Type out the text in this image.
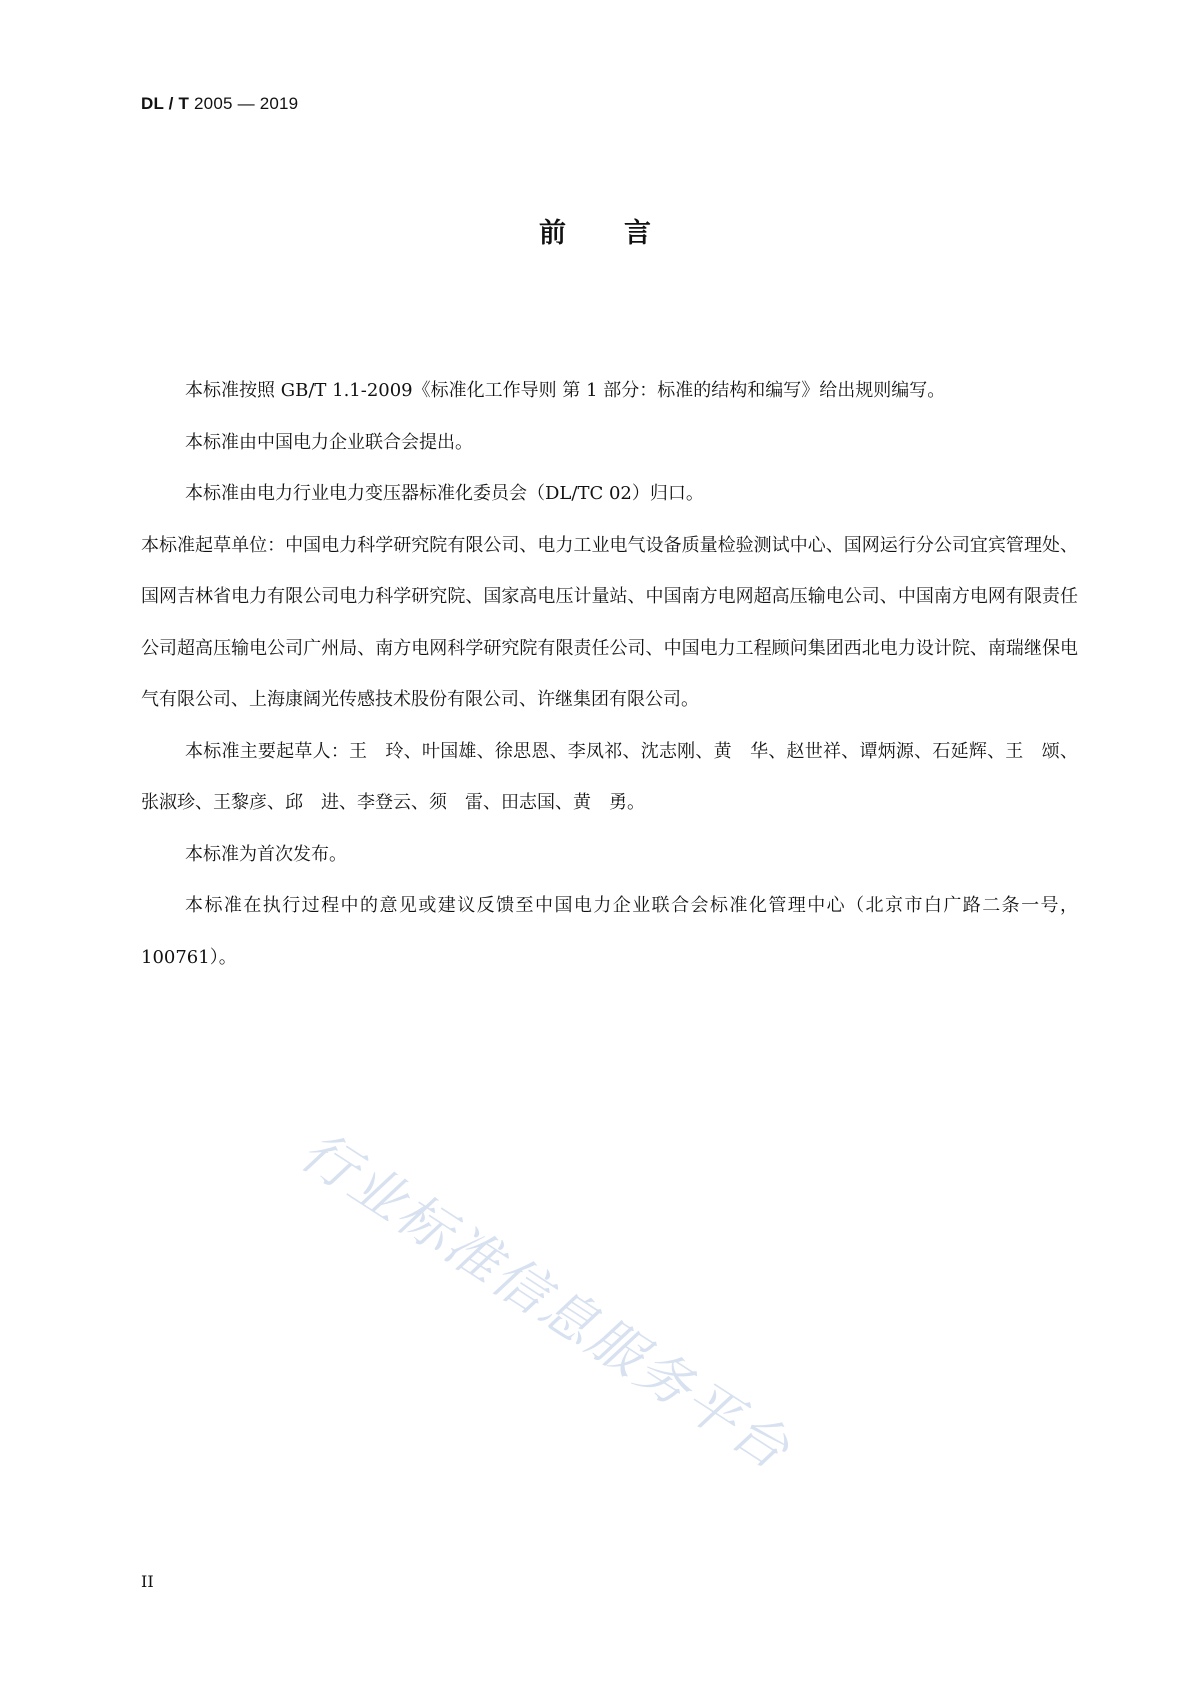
DL / T 2005 — 2019
前言

本标准按照 GB/T 1.1-2009《标准化工作导则 第 1 部分：标准的结构和编写》给出规则编写。

本标准由中国电力企业联合会提出。

本标准由电力行业电力变压器标准化委员会（DL/TC 02）归口。

本标准起草单位：中国电力科学研究院有限公司、电力工业电气设备质量检验测试中心、国网运行分公司宜宾管理处、国网吉林省电力有限公司电力科学研究院、国家高电压计量站、中国南方电网超高压输电公司、中国南方电网有限责任公司超高压输电公司广州局、南方电网科学研究院有限责任公司、中国电力工程顾问集团西北电力设计院、南瑞继保电气有限公司、上海康阔光传感技术股份有限公司、许继集团有限公司。

本标准主要起草人：王　玲、叶国雄、徐思恩、李凤祁、沈志刚、黄　华、赵世祥、谭炳源、石延辉、王　颂、张淑珍、王黎彦、邱　进、李登云、须　雷、田志国、黄　勇。

本标准为首次发布。

本标准在执行过程中的意见或建议反馈至中国电力企业联合会标准化管理中心（北京市白广路二条一号，100761）。

行业标准信息服务平台
II
